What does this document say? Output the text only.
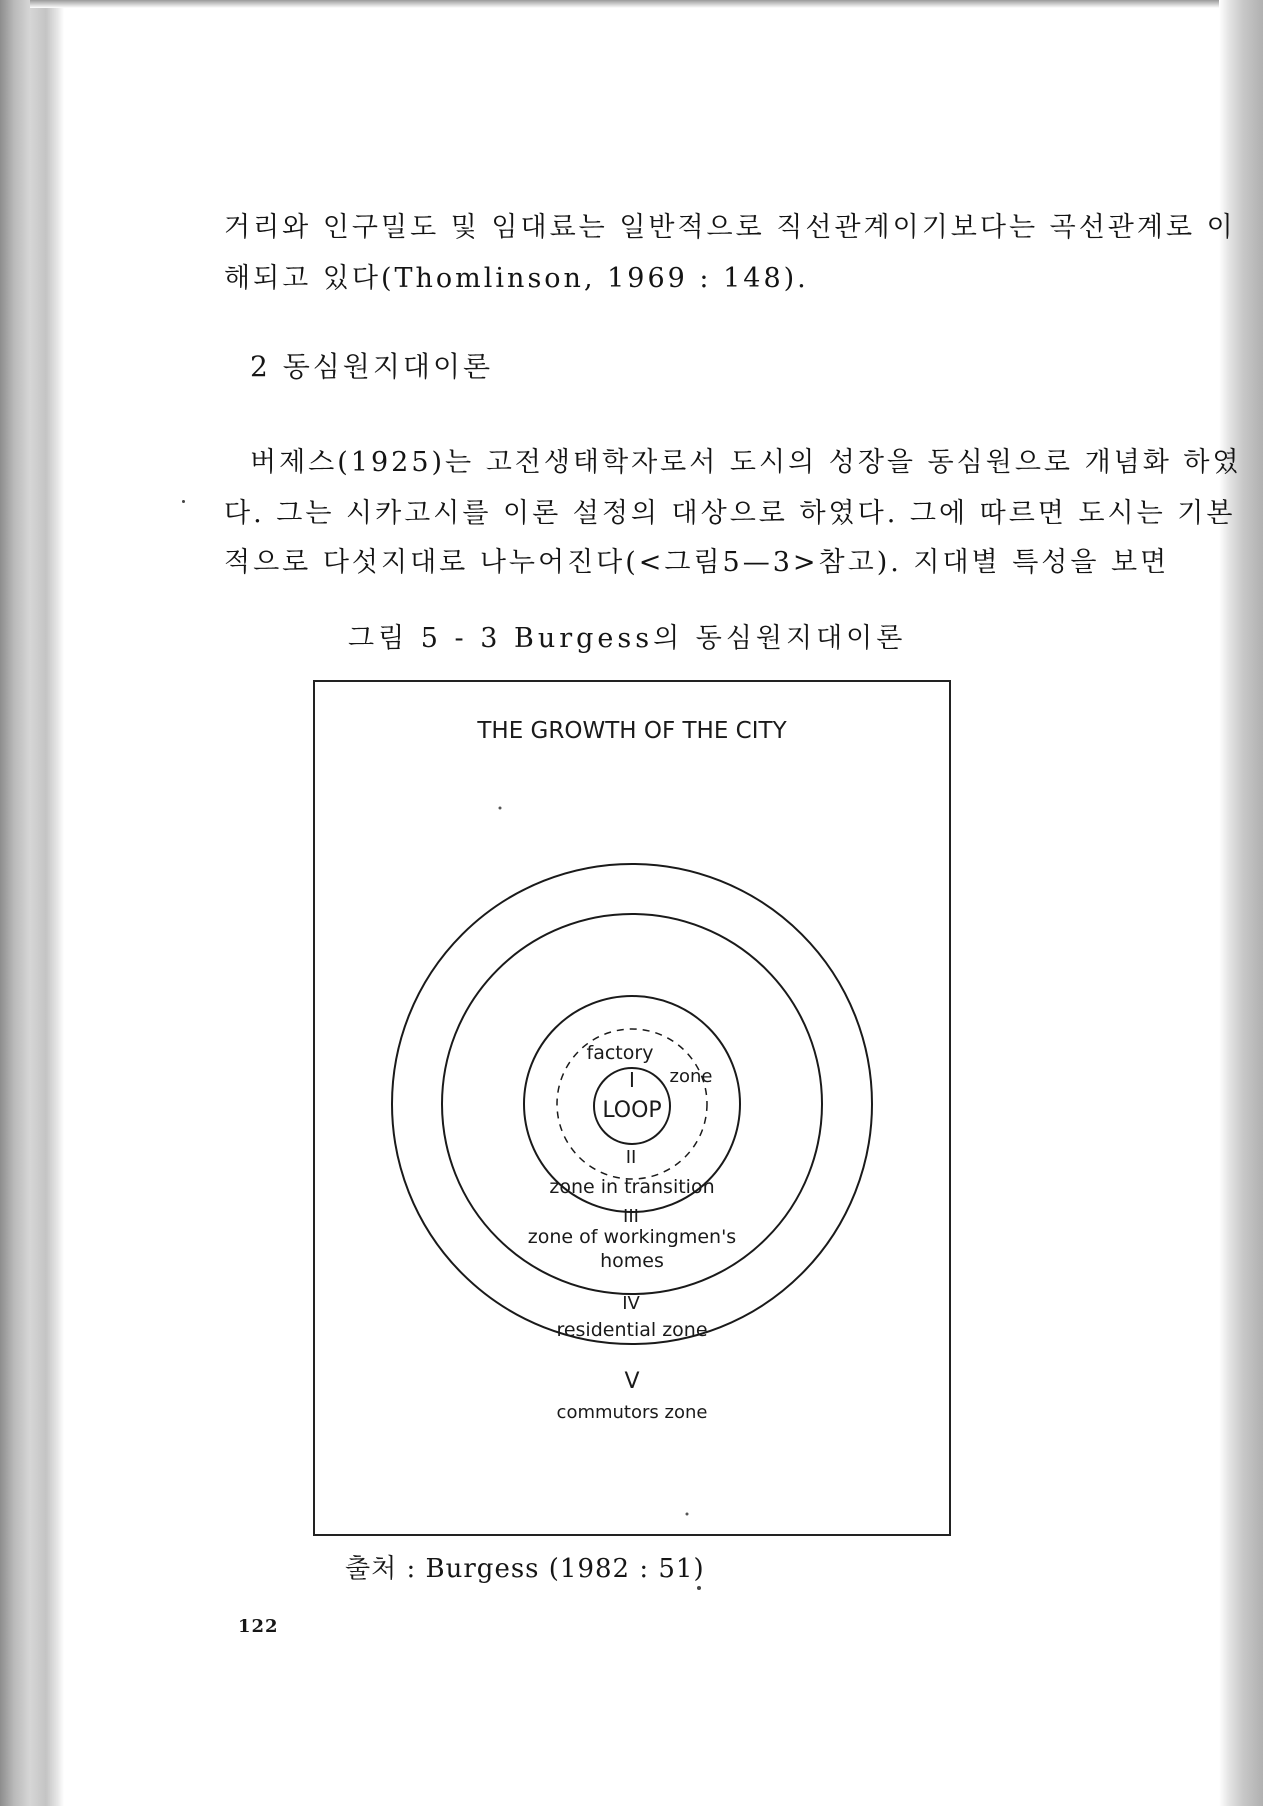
거리와 인구밀도 및 임대료는 일반적으로 직선관계이기보다는 곡선관계로 이
해되고 있다(Thomlinson, 1969 : 148).
2 동심원지대이론
버제스(1925)는 고전생태학자로서 도시의 성장을 동심원으로 개념화 하였
다. 그는 시카고시를 이론 설정의 대상으로 하였다. 그에 따르면 도시는 기본
적으로 다섯지대로 나누어진다(<그림5—3>참고). 지대별 특성을 보면
그림 5 - 3 Burgess의 동심원지대이론
THE GROWTH OF THE CITY
factory
zone
I
LOOP
II
zone in transition
III
zone of workingmen's
homes
IV
residential zone
V
commutors zone
출처 : Burgess (1982 : 51)
122
